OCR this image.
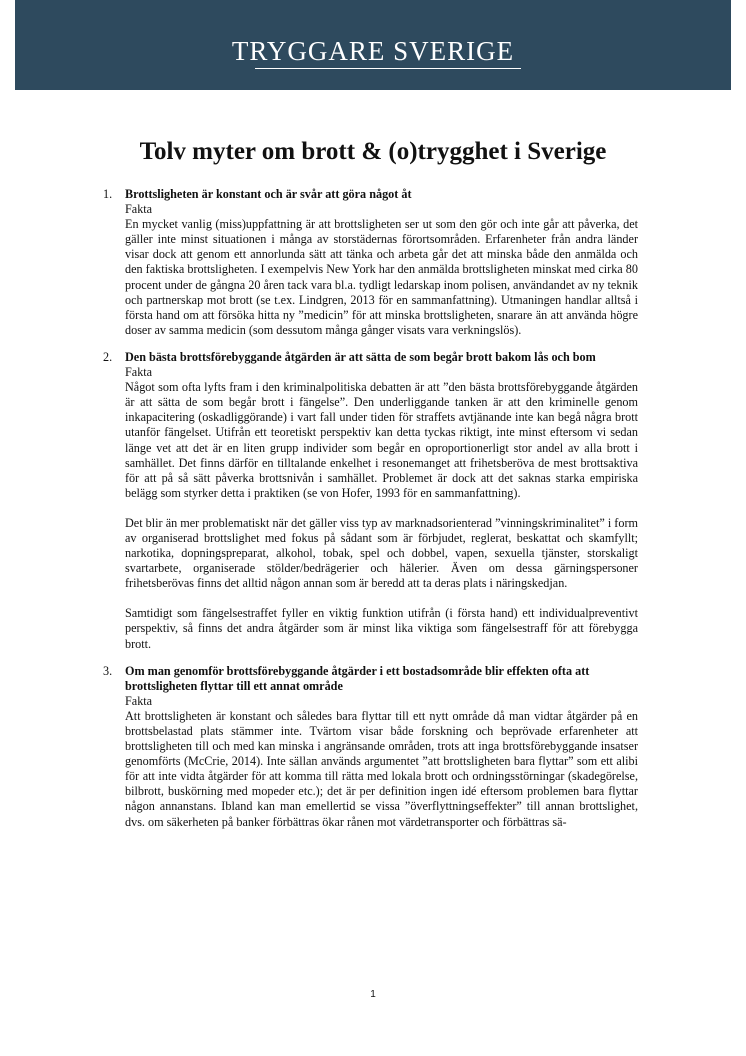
TRYGGARE SVERIGE
Tolv myter om brott & (o)trygghet i Sverige
1. Brottsligheten är konstant och är svår att göra något åt
Fakta
En mycket vanlig (miss)uppfattning är att brottsligheten ser ut som den gör och inte går att påverka, det gäller inte minst situationen i många av storstädernas förortsområden. Erfarenheter från andra länder visar dock att genom ett annorlunda sätt att tänka och arbeta går det att minska både den anmälda och den faktiska brottsligheten. I exempelvis New York har den anmälda brottsligheten minskat med cirka 80 procent under de gångna 20 åren tack vara bl.a. tydligt ledarskap inom polisen, användandet av ny teknik och partnerskap mot brott (se t.ex. Lindgren, 2013 för en sammanfattning). Utmaningen handlar alltså i första hand om att försöka hitta ny ”medicin” för att minska brottsligheten, snarare än att använda högre doser av samma medicin (som dessutom många gånger visats vara verkningslös).
2. Den bästa brottsförebyggande åtgärden är att sätta de som begår brott bakom lås och bom
Fakta
Något som ofta lyfts fram i den kriminalpolitiska debatten är att ”den bästa brottsförebyggande åtgärden är att sätta de som begår brott i fängelse”. Den underliggande tanken är att den kriminelle genom inkapacitering (oskadliggörande) i vart fall under tiden för straffets avtjänande inte kan begå några brott utanför fängelset. Utifrån ett teoretiskt perspektiv kan detta tyckas riktigt, inte minst eftersom vi sedan länge vet att det är en liten grupp individer som begår en oproportionerligt stor andel av alla brott i samhället. Det finns därför en tilltalande enkelhet i resonemanget att frihetsberöva de mest brottsaktiva för att på så sätt påverka brottsnivån i samhället. Problemet är dock att det saknas starka empiriska belägg som styrker detta i praktiken (se von Hofer, 1993 för en sammanfattning).
Det blir än mer problematiskt när det gäller viss typ av marknadsorienterad ”vinningskriminalitet” i form av organiserad brottslighet med fokus på sådant som är förbjudet, reglerat, beskattat och skamfyllt; narkotika, dopningspreparat, alkohol, tobak, spel och dobbel, vapen, sexuella tjänster, storskaligt svartarbete, organiserade stölder/bedrägerier och hälerier. Även om dessa gärningspersoner frihetsberövas finns det alltid någon annan som är beredd att ta deras plats i näringskedjan.
Samtidigt som fängelsestraffet fyller en viktig funktion utifrån (i första hand) ett individualpreventivt perspektiv, så finns det andra åtgärder som är minst lika viktiga som fängelsestraff för att förebygga brott.
3. Om man genomför brottsförebyggande åtgärder i ett bostadsområde blir effekten ofta att brottsligheten flyttar till ett annat område
Fakta
Att brottsligheten är konstant och således bara flyttar till ett nytt område då man vidtar åtgärder på en brottsbelastad plats stämmer inte. Tvärtom visar både forskning och beprövade erfarenheter att brottsligheten till och med kan minska i angränsande områden, trots att inga brottsförebyggande insatser genomförts (McCrie, 2014). Inte sällan används argumentet ”att brottsligheten bara flyttar” som ett alibi för att inte vidta åtgärder för att komma till rätta med lokala brott och ordningsstörningar (skadegörelse, bilbrott, buskörning med mopeder etc.); det är per definition ingen idé eftersom problemen bara flyttar någon annanstans. Ibland kan man emellertid se vissa ”överflyttningseffekter” till annan brottslighet, dvs. om säkerheten på banker förbättras ökar rånen mot värdetransporter och förbättras sä-
1
